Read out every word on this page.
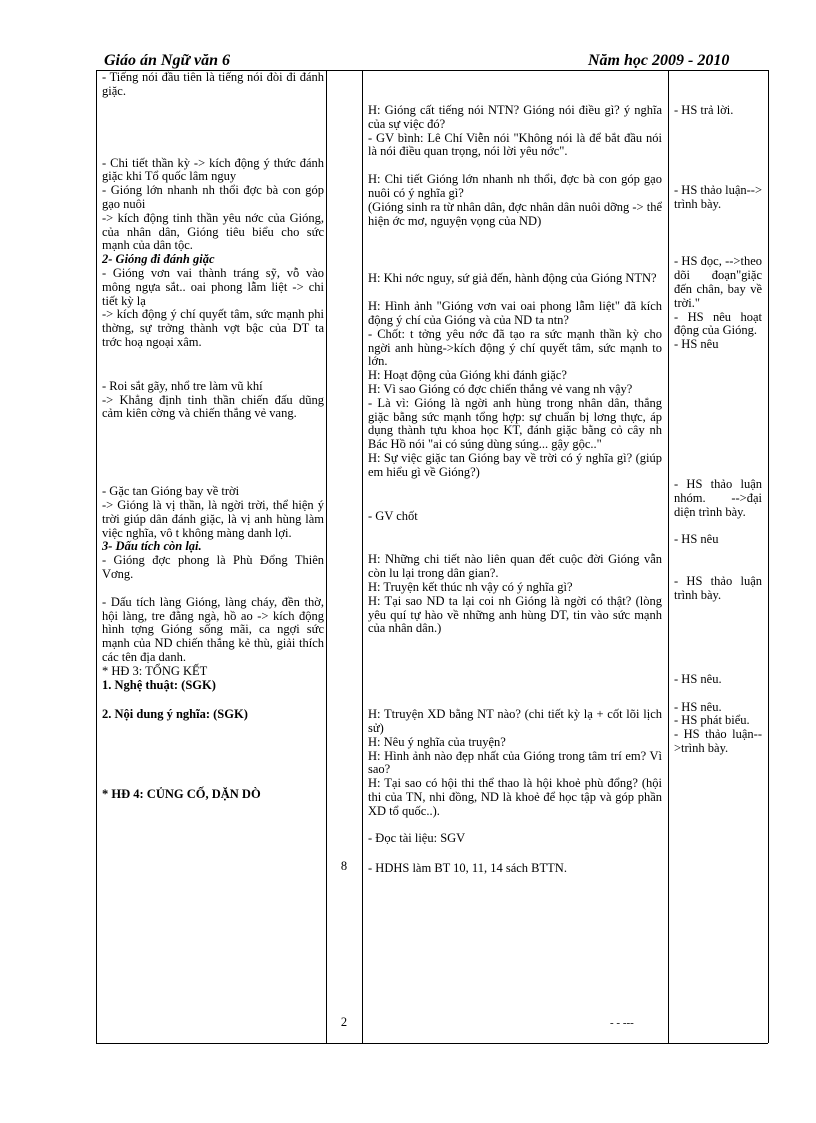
Giáo án Ngữ văn 6	Năm học 2009 - 2010

- Tiếng nói đầu tiên là tiếng nói đòi đi đánh giặc.

- Chi tiết thần kỳ -> kích động ý thức đánh giặc khi Tổ quốc lâm nguy

- Gióng lớn nhanh nh thổi đợc bà con góp gạo nuôi

-> kích động tinh thần yêu nớc của Gióng, của nhân dân, Gióng tiêu biểu cho sức mạnh của dân tộc.

2- Gióng đi đánh giặc

- Gióng vơn vai thành tráng sỹ, vỗ vào mông ngựa sắt.. oai phong lẫm liệt -> chi tiết kỳ lạ

-> kích động ý chí quyết tâm, sức mạnh phi thờng, sự trởng thành vợt bậc của DT ta trớc hoạ ngoại xâm.

- Roi sắt gãy, nhổ tre làm vũ khí

-> Khẳng định tinh thần chiến đấu dũng cảm kiên cờng và chiến thắng vẻ vang.

- Gặc tan Gióng bay về trời

-> Gióng là vị thần, là ngời trời, thể hiện ý trời giúp dân đánh giặc, là vị anh hùng làm việc nghĩa, vô t không màng danh lợi.

3- Dấu tích còn lại.

- Gióng đợc phong là Phù Đổng Thiên Vơng.

- Dấu tích làng Gióng, làng cháy, đền thờ, hội làng, tre đằng ngà, hồ ao -> kích động hình tợng Gióng sống mãi, ca ngợi sức mạnh của ND chiến thắng kẻ thù, giải thích các tên địa danh.

* HĐ 3: TỔNG KẾT

1. Nghệ thuật: (SGK)

2. Nội dung ý nghĩa: (SGK)

* HĐ 4: CỦNG CỐ, DẶN DÒ

8
2

H: Gióng cất tiếng nói NTN? Gióng nói điều gì? ý nghĩa của sự việc đó?

- GV bình: Lê Chí Viễn nói "Không nói là để bắt đầu nói là nói điều quan trọng, nói lời yêu nớc".

H: Chi tiết Gióng lớn nhanh nh thổi, đợc bà con góp gạo nuôi có ý nghĩa gì?

(Gióng sinh ra từ nhân dân, đợc nhân dân nuôi dỡng -> thể hiện ớc mơ, nguyện vọng của ND)

H: Khi nớc nguy, sứ giả đến, hành động của Gióng NTN?

H: Hình ảnh "Gióng vơn vai oai phong lẫm liệt" đã kích động ý chí của Gióng và của ND ta ntn?

- Chốt: t tởng yêu nớc đã tạo ra sức mạnh thần kỳ cho ngời anh hùng->kích động ý chí quyết tâm, sức mạnh to lớn.

H: Hoạt động của Gióng khi đánh giặc?

H: Vì sao Gióng có đợc chiến thắng vẻ vang nh vậy?

- Là vì: Gióng là ngời anh hùng trong nhân dân, thắng giặc bằng sức mạnh tổng hợp: sự chuẩn bị lơng thực, áp dụng thành tựu khoa học KT, đánh giặc bằng cỏ cây nh Bác Hồ nói "ai có súng dùng súng... gậy gộc.."

H: Sự việc giặc tan Gióng bay về trời có ý nghĩa gì? (giúp em hiểu gì về Gióng?)

- GV chốt

H: Những chi tiết nào liên quan đết cuộc đời Gióng vẫn còn lu lại trong dân gian?.

H: Truyện kết thúc nh vậy có ý nghĩa gì?

H: Tại sao ND ta lại coi nh Gióng là ngời có thật? (lòng yêu quí tự hào về những anh hùng DT, tin vào sức mạnh của nhân dân.)

H: Ttruyện XD bằng NT nào? (chi tiết kỳ lạ + cốt lõi lịch sử)

H: Nêu ý nghĩa của truyện?

H: Hình ảnh nào đẹp nhất của Gióng trong tâm trí em? Vì sao?

H: Tại sao có hội thi thể thao là hội khoẻ phù đổng? (hội thi của TN, nhi đồng, ND là khoẻ để học tập và góp phần XD tổ quốc..).

- Đọc tài liệu: SGV

- HDHS làm BT 10, 11, 14 sách BTTN.

- HS trả lời.

- HS thảo luận--> trình bày.

- HS đọc, -->theo dõi đoạn"giặc đến chân, bay về trời."

- HS nêu hoạt động của Gióng.

- HS nêu

- HS thảo luận nhóm. -->đại diện trình bày.

- HS nêu

- HS thảo luận trình bày.

- HS nêu.

- HS nêu.

- HS phát biểu.

- HS thảo luận-->trình bày.

- - ---
